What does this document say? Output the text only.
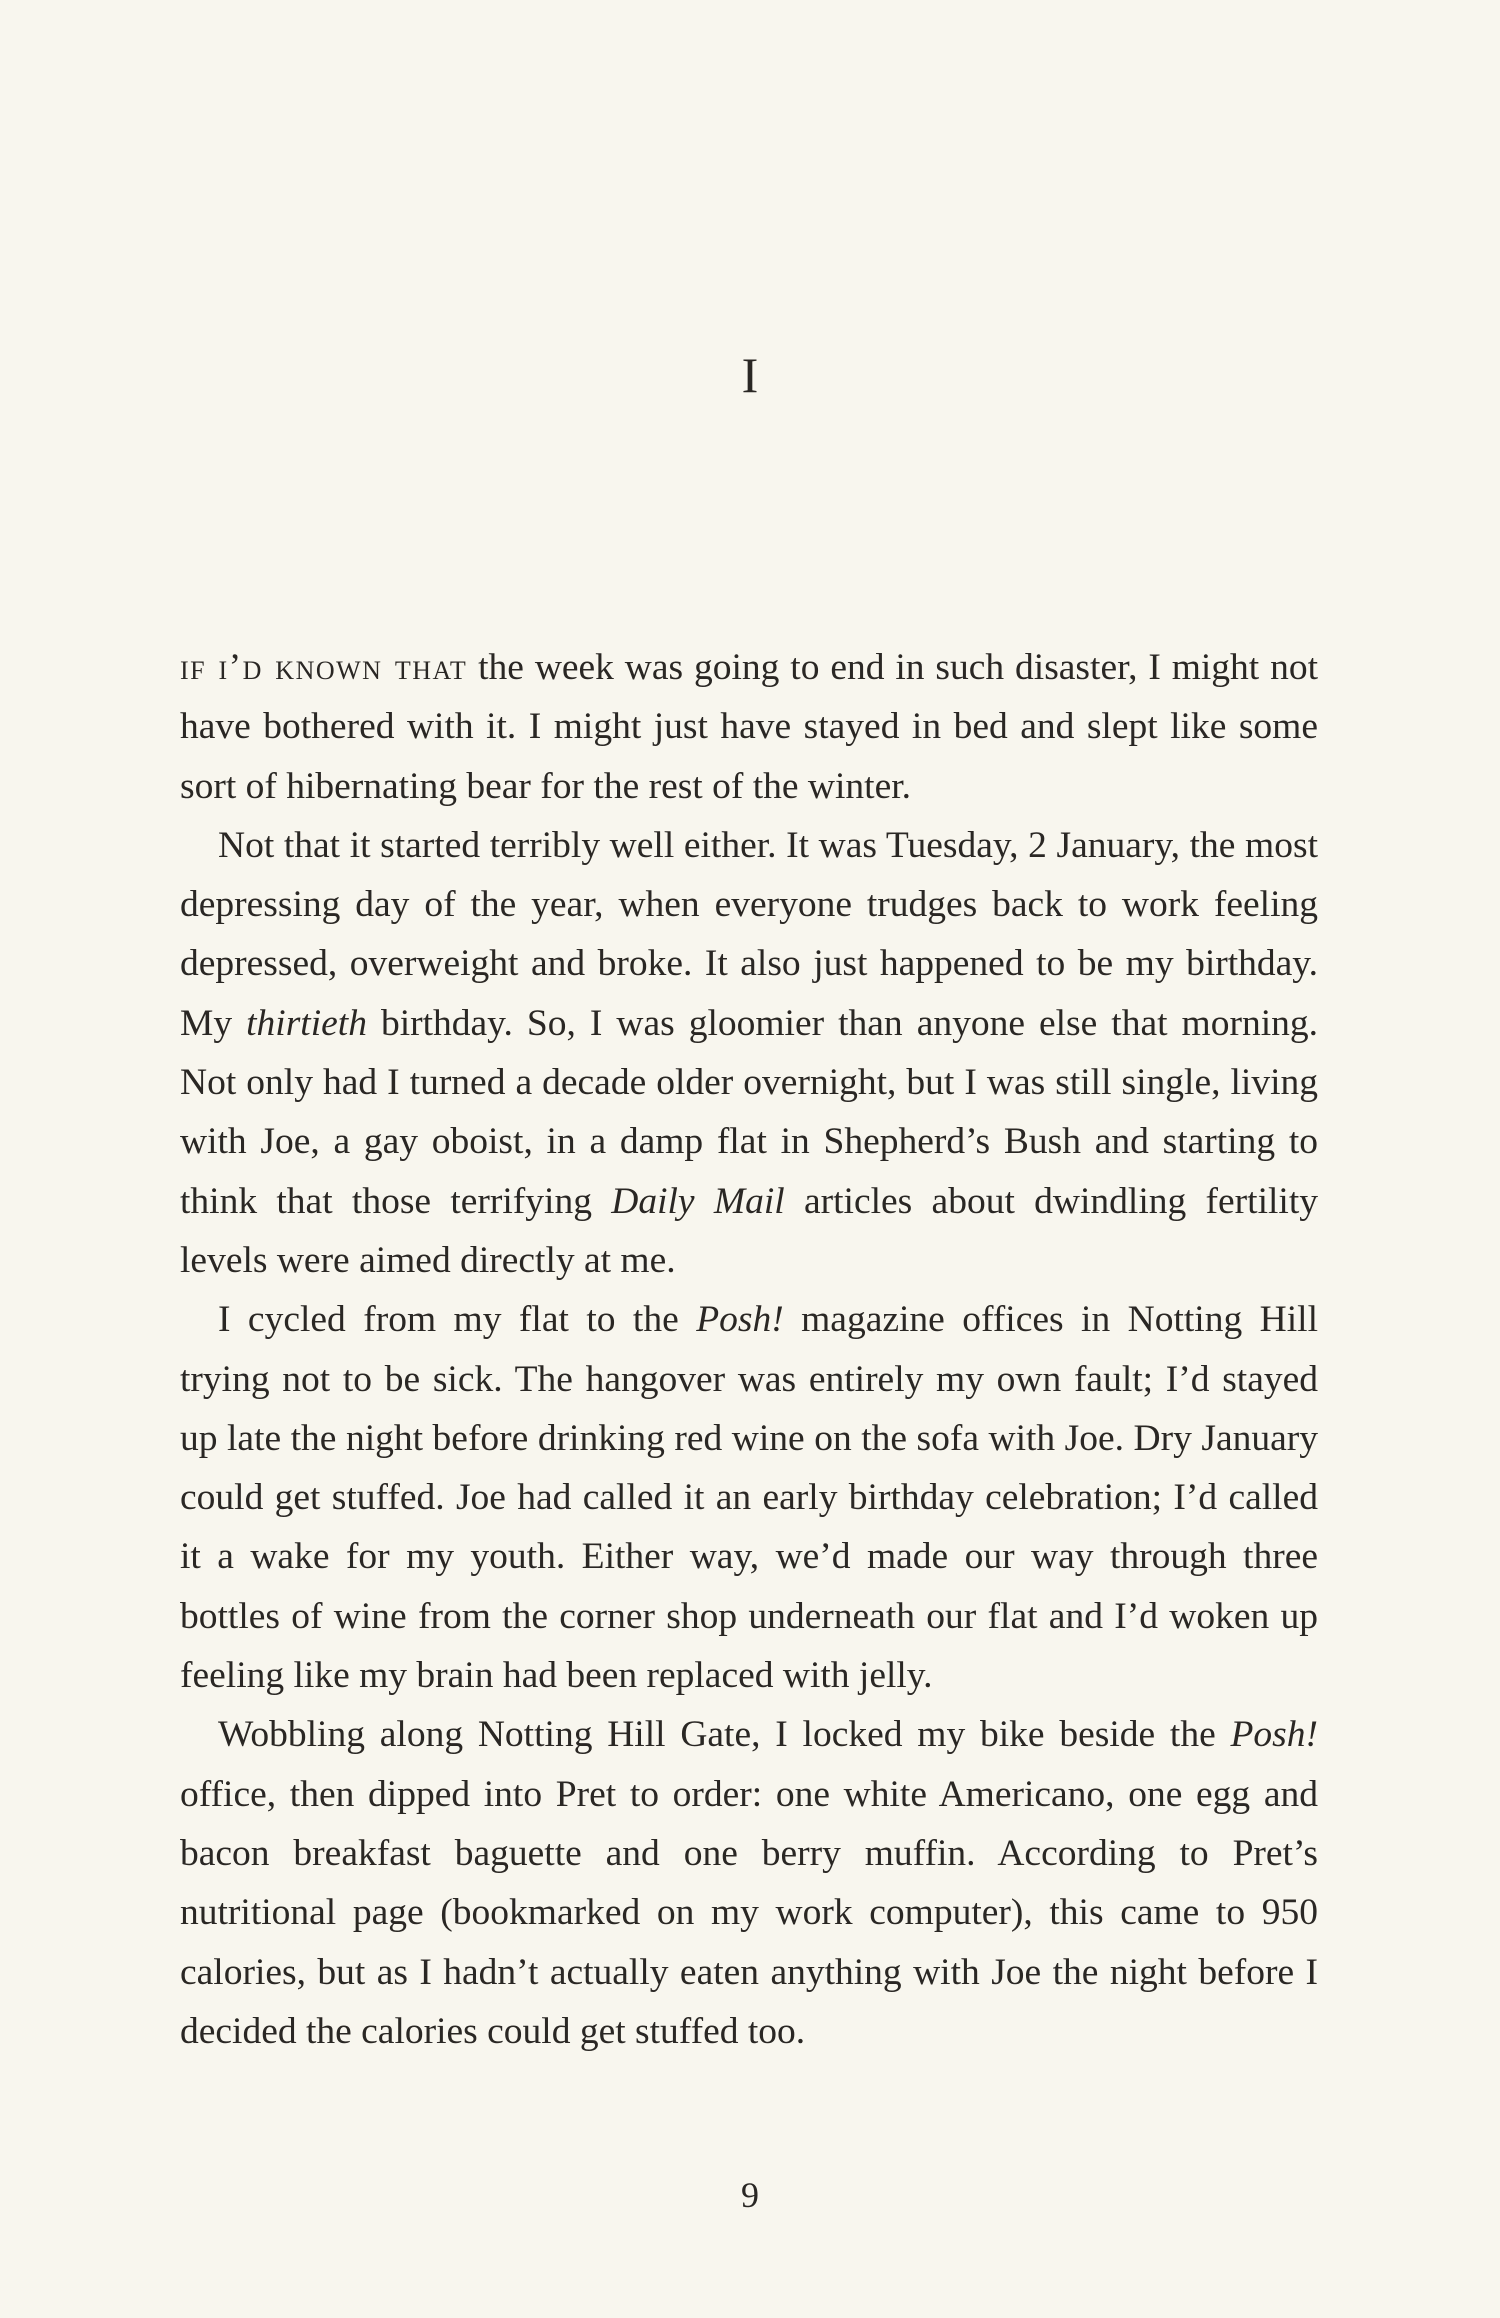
I

if i’d known that the week was going to end in such disaster, I might not have bothered with it. I might just have stayed in bed and slept like some sort of hibernating bear for the rest of the winter.

Not that it started terribly well either. It was Tuesday, 2 January, the most depressing day of the year, when everyone trudges back to work feeling depressed, overweight and broke. It also just happened to be my birthday. My thirtieth birthday. So, I was gloomier than anyone else that morning. Not only had I turned a decade older overnight, but I was still single, living with Joe, a gay oboist, in a damp flat in Shepherd’s Bush and starting to think that those terrifying Daily Mail articles about dwindling fertility levels were aimed directly at me.

I cycled from my flat to the Posh! magazine offices in Notting Hill trying not to be sick. The hangover was entirely my own fault; I’d stayed up late the night before drinking red wine on the sofa with Joe. Dry January could get stuffed. Joe had called it an early birthday celebration; I’d called it a wake for my youth. Either way, we’d made our way through three bottles of wine from the corner shop underneath our flat and I’d woken up feeling like my brain had been replaced with jelly.

Wobbling along Notting Hill Gate, I locked my bike beside the Posh! office, then dipped into Pret to order: one white Americano, one egg and bacon breakfast baguette and one berry muffin. According to Pret’s nutritional page (bookmarked on my work computer), this came to 950 calories, but as I hadn’t actually eaten anything with Joe the night before I decided the calories could get stuffed too.

9
